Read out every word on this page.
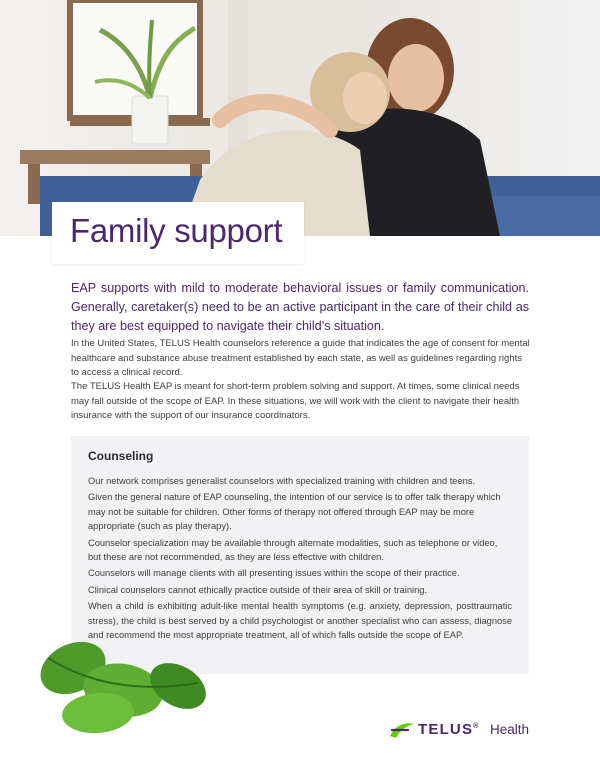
Family support

EAP supports with mild to moderate behavioral issues or family communication. Generally, caretaker(s) need to be an active participant in the care of their child as they are best equipped to navigate their child’s situation.

In the United States, TELUS Health counselors reference a guide that indicates the age of consent for mental healthcare and substance abuse treatment established by each state, as well as guidelines regarding rights to access a clinical record.

The TELUS Health EAP is meant for short-term problem solving and support. At times, some clinical needs may fall outside of the scope of EAP. In these situations, we will work with the client to navigate their health insurance with the support of our insurance coordinators.

Counseling

Our network comprises generalist counselors with specialized training with children and teens.

Given the general nature of EAP counseling, the intention of our service is to offer talk therapy which may not be suitable for children. Other forms of therapy not offered through EAP may be more appropriate (such as play therapy).

Counselor specialization may be available through alternate modalities, such as telephone or video, but these are not recommended, as they are less effective with children.

Counselors will manage clients with all presenting issues within the scope of their practice.

Clinical counselors cannot ethically practice outside of their area of skill or training.

When a child is exhibiting adult-like mental health symptoms (e.g. anxiety, depression, posttraumatic stress), the child is best served by a child psychologist or another specialist who can assess, diagnose and recommend the most appropriate treatment, all of which falls outside the scope of EAP.

TELUS® Health
